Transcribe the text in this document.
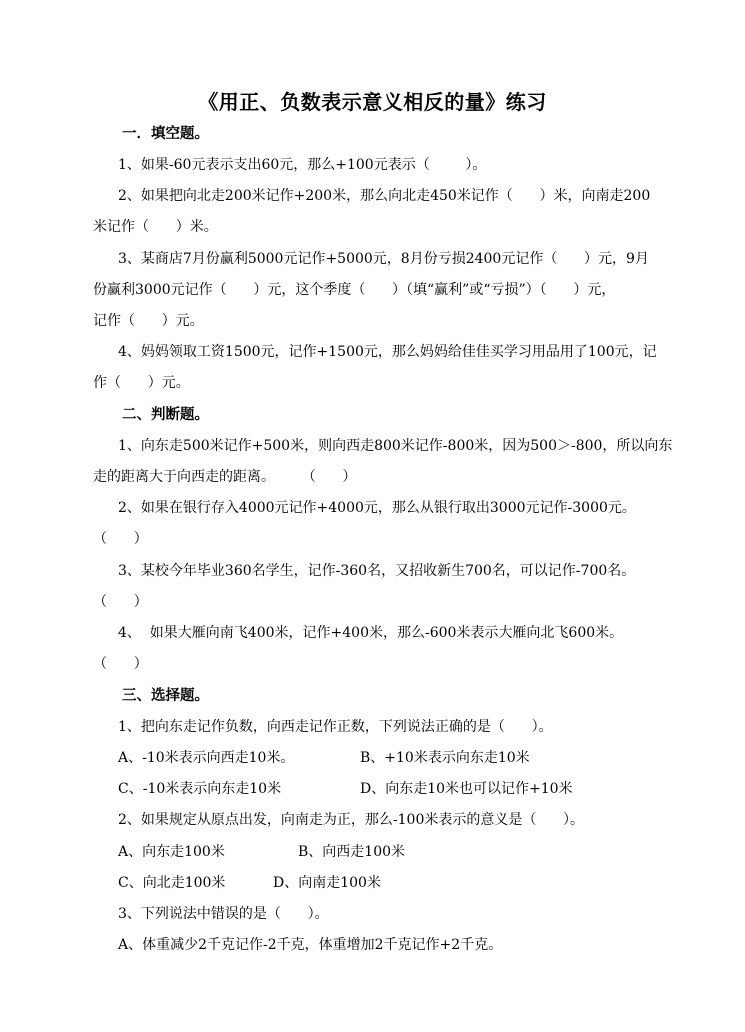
《用正、负数表示意义相反的量》练习
一．填空题。
1、如果-60元表示支出60元，那么+100元表示（        ）。
2、如果把向北走200米记作+200米，那么向北走450米记作（      ）米，向南走200
米记作（      ）米。
3、某商店7月份赢利5000元记作+5000元，8月份亏损2400元记作（      ）元，9月
份赢利3000元记作（      ）元，这个季度（      ）（填“赢利”或“亏损”）（      ）元，
记作（      ）元。
4、妈妈领取工资1500元，记作+1500元，那么妈妈给佳佳买学习用品用了100元，记
作（      ）元。
二、判断题。
1、向东走500米记作+500米，则向西走800米记作-800米，因为500＞-800，所以向东
走的距离大于向西走的距离。      （      ）
2、如果在银行存入4000元记作+4000元，那么从银行取出3000元记作-3000元。
（      ）
3、某校今年毕业360名学生，记作-360名，又招收新生700名，可以记作-700名。
（      ）
4、  如果大雁向南飞400米，记作+400米，那么-600米表示大雁向北飞600米。
（      ）
三、选择题。
1、把向东走记作负数，向西走记作正数，下列说法正确的是（      ）。
A、-10米表示向西走10米。	B、+10米表示向东走10米
C、-10米表示向东走10米	D、向东走10米也可以记作+10米
2、如果规定从原点出发，向南走为正，那么-100米表示的意义是（      ）。
A、向东走100米	B、向西走100米
C、向北走100米	D、向南走100米
3、下列说法中错误的是（      ）。
A、体重减少2千克记作-2千克，体重增加2千克记作+2千克。
